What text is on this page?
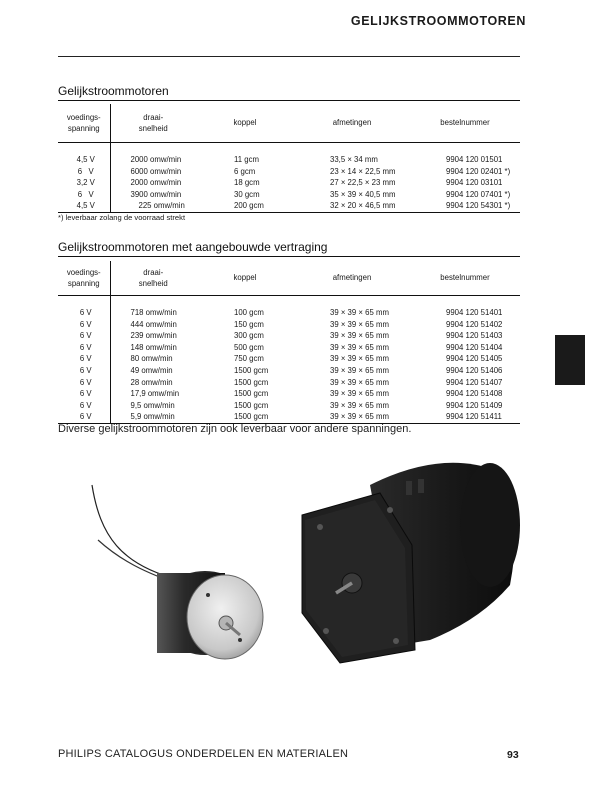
GELIJKSTROOMMOTOREN
Gelijkstroommotoren
voedings-
spanning	draai-
snelheid	koppel	afmetingen	bestelnummer

4,5 V	2000 omw/min	11 gcm	33,5 × 34 mm	9904 120 01501
6   V	6000 omw/min	6 gcm	23 × 14 × 22,5 mm	9904 120 02401 *)
3,2 V	2000 omw/min	18 gcm	27 × 22,5 × 23 mm	9904 120 03101
6   V	3900 omw/min	30 gcm	35 × 39 × 40,5 mm	9904 120 07401 *)
4,5 V	225 omw/min	200 gcm	32 × 20 × 46,5 mm	9904 120 54301 *)
*) leverbaar zolang de voorraad strekt
Gelijkstroommotoren met aangebouwde vertraging
voedings-
spanning	draai-
snelheid	koppel	afmetingen	bestelnummer

6 V	718 omw/min	100 gcm	39 × 39 × 65 mm	9904 120 51401
6 V	444 omw/min	150 gcm	39 × 39 × 65 mm	9904 120 51402
6 V	239 omw/min	300 gcm	39 × 39 × 65 mm	9904 120 51403
6 V	148 omw/min	500 gcm	39 × 39 × 65 mm	9904 120 51404
6 V	80 omw/min	750 gcm	39 × 39 × 65 mm	9904 120 51405
6 V	49 omw/min	1500 gcm	39 × 39 × 65 mm	9904 120 51406
6 V	28 omw/min	1500 gcm	39 × 39 × 65 mm	9904 120 51407
6 V	17,9 omw/min	1500 gcm	39 × 39 × 65 mm	9904 120 51408
6 V	9,5 omw/min	1500 gcm	39 × 39 × 65 mm	9904 120 51409
6 V	5,9 omw/min	1500 gcm	39 × 39 × 65 mm	9904 120 51411
Diverse gelijkstroommotoren zijn ook leverbaar voor andere spanningen.
PHILIPS CATALOGUS ONDERDELEN EN MATERIALEN	93
